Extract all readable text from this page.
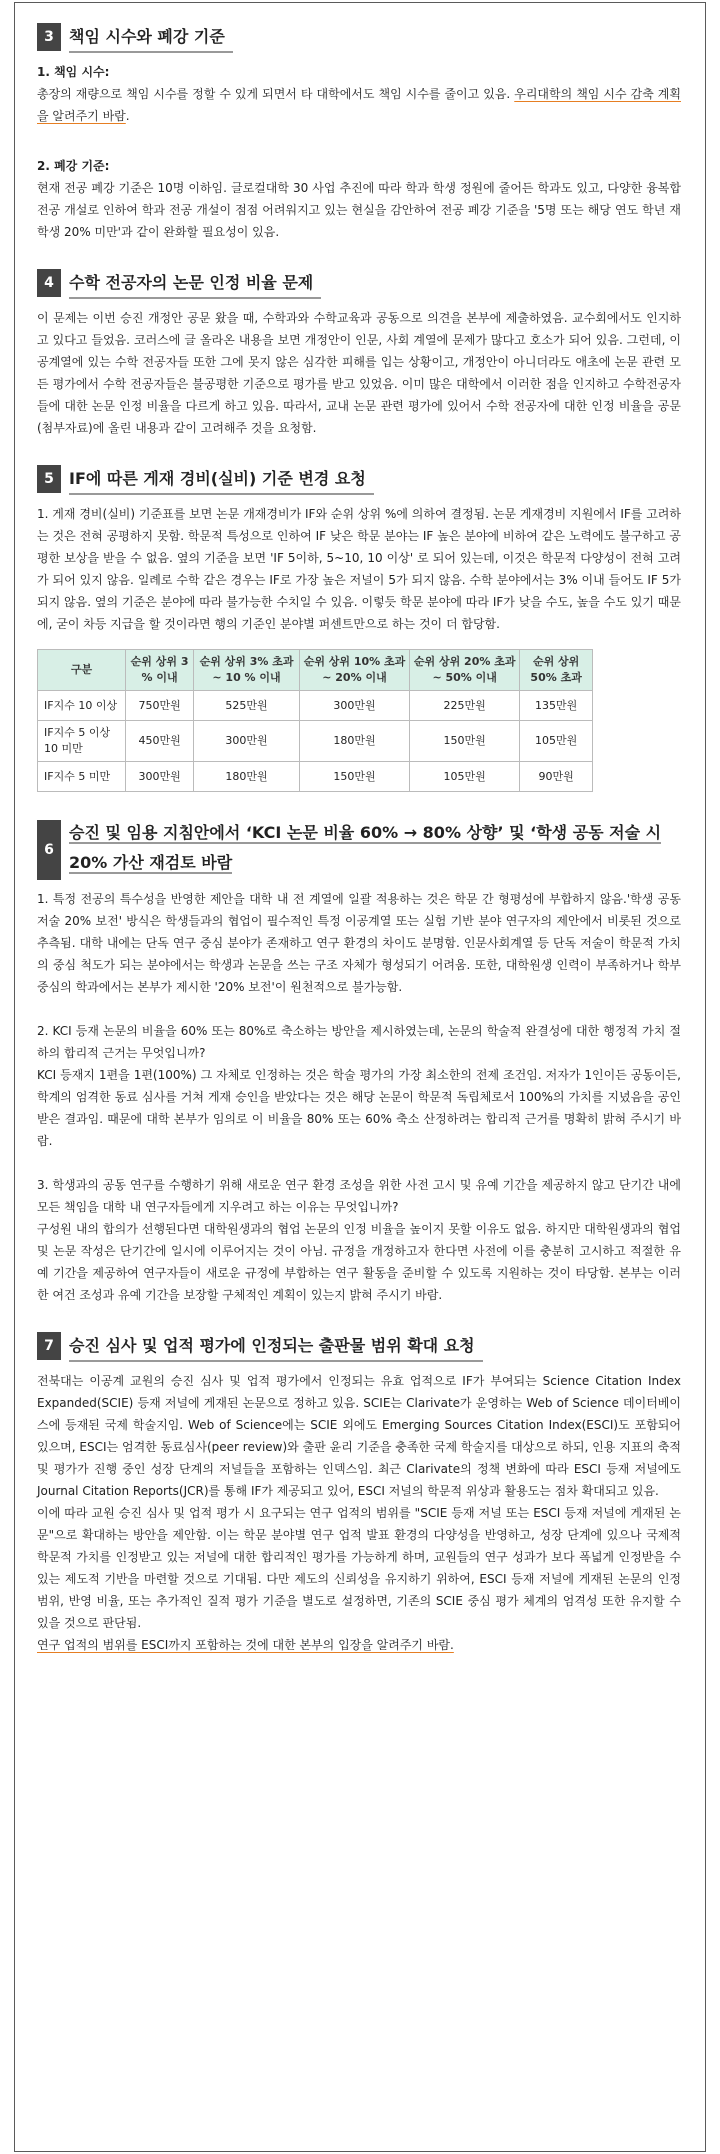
3 책임 시수와 폐강 기준
1. 책임 시수:
총장의 재량으로 책임 시수를 정할 수 있게 되면서 타 대학에서도 책임 시수를 줄이고 있음. 우리대학의 책임 시수 감축 계획을 알려주기 바람.
2. 폐강 기준:
현재 전공 폐강 기준은 10명 이하임. 글로컬대학 30 사업 추진에 따라 학과 학생 정원에 줄어든 학과도 있고, 다양한 융복합 전공 개설로 인하여 학과 전공 개설이 점점 어려워지고 있는 현실을 감안하여 전공 폐강 기준을 '5명 또는 해당 연도 학년 재학생 20% 미만'과 같이 완화할 필요성이 있음.
4 수학 전공자의 논문 인정 비율 문제
이 문제는 이번 승진 개정안 공문 왔을 때, 수학과와 수학교육과 공동으로 의견을 본부에 제출하였음. 교수회에서도 인지하고 있다고 들었음. 코러스에 글 올라온 내용을 보면 개정안이 인문, 사회 계열에 문제가 많다고 호소가 되어 있음. 그런데, 이공계열에 있는 수학 전공자들 또한 그에 못지 않은 심각한 피해를 입는 상황이고, 개정안이 아니더라도 애초에 논문 관련 모든 평가에서 수학 전공자들은 불공평한 기준으로 평가를 받고 있었음. 이미 많은 대학에서 이러한 점을 인지하고 수학전공자들에 대한 논문 인정 비율을 다르게 하고 있음. 따라서, 교내 논문 관련 평가에 있어서 수학 전공자에 대한 인정 비율을 공문(첨부자료)에 올린 내용과 같이 고려해주 것을 요청함.
5 IF에 따른 게재 경비(실비) 기준 변경 요청
1. 게재 경비(실비) 기준표를 보면 논문 개재경비가 IF와 순위 상위 %에 의하여 결정됨. 논문 게재경비 지원에서 IF를 고려하는 것은 전혀 공평하지 못함. 학문적 특성으로 인하여 IF 낮은 학문 분야는 IF 높은 분야에 비하여 같은 노력에도 불구하고 공평한 보상을 받을 수 없음. 옆의 기준을 보면 'IF 5이하, 5~10, 10 이상' 로 되어 있는데, 이것은 학문적 다양성이 전혀 고려가 되어 있지 않음. 일례로 수학 같은 경우는 IF로 가장 높은 저널이 5가 되지 않음. 수학 분야에서는 3% 이내 들어도 IF 5가 되지 않음. 옆의 기준은 분야에 따라 불가능한 수치일 수 있음. 이렇듯 학문 분야에 따라 IF가 낮을 수도, 높을 수도 있기 때문에, 굳이 차등 지급을 할 것이라면 행의 기준인 분야별 퍼센트만으로 하는 것이 더 합당함.
구분	순위 상위 3 % 이내	순위 상위 3% 초과 ~ 10 % 이내	순위 상위 10% 초과 ~ 20% 이내	순위 상위 20% 초과 ~ 50% 이내	순위 상위 50% 초과
IF지수 10 이상	750만원	525만원	300만원	225만원	135만원
IF지수 5 이상 10 미만	450만원	300만원	180만원	150만원	105만원
IF지수 5 미만	300만원	180만원	150만원	105만원	90만원
6
승진 및 임용 지침안에서 ‘KCI 논문 비율 60% → 80% 상향’ 및 ‘학생 공동 저술 시 20% 가산 재검토 바람
1. 특정 전공의 특수성을 반영한 제안을 대학 내 전 계열에 일괄 적용하는 것은 학문 간 형평성에 부합하지 않음.'학생 공동 저술 20% 보전' 방식은 학생들과의 협업이 필수적인 특정 이공계열 또는 실험 기반 분야 연구자의 제안에서 비롯된 것으로 추측됨. 대학 내에는 단독 연구 중심 분야가 존재하고 연구 환경의 차이도 분명함. 인문사회계열 등 단독 저술이 학문적 가치의 중심 척도가 되는 분야에서는 학생과 논문을 쓰는 구조 자체가 형성되기 어려움. 또한, 대학원생 인력이 부족하거나 학부 중심의 학과에서는 본부가 제시한 '20% 보전'이 원천적으로 불가능함.
2. KCI 등재 논문의 비율을 60% 또는 80%로 축소하는 방안을 제시하였는데, 논문의 학술적 완결성에 대한 행정적 가치 절하의 합리적 근거는 무엇입니까?
KCI 등재지 1편을 1편(100%) 그 자체로 인정하는 것은 학술 평가의 가장 최소한의 전제 조건임. 저자가 1인이든 공동이든, 학계의 엄격한 동료 심사를 거쳐 게재 승인을 받았다는 것은 해당 논문이 학문적 독립체로서 100%의 가치를 지녔음을 공인받은 결과임. 때문에 대학 본부가 임의로 이 비율을 80% 또는 60% 축소 산정하려는 합리적 근거를 명확히 밝혀 주시기 바람.
3. 학생과의 공동 연구를 수행하기 위해 새로운 연구 환경 조성을 위한 사전 고시 및 유예 기간을 제공하지 않고 단기간 내에 모든 책임을 대학 내 연구자들에게 지우려고 하는 이유는 무엇입니까?
구성원 내의 합의가 선행된다면 대학원생과의 협업 논문의 인정 비율을 높이지 못할 이유도 없음. 하지만 대학원생과의 협업 및 논문 작성은 단기간에 일시에 이루어지는 것이 아님. 규정을 개정하고자 한다면 사전에 이를 충분히 고시하고 적절한 유예 기간을 제공하여 연구자들이 새로운 규정에 부합하는 연구 활동을 준비할 수 있도록 지원하는 것이 타당함. 본부는 이러한 여건 조성과 유예 기간을 보장할 구체적인 계획이 있는지 밝혀 주시기 바람.
7 승진 심사 및 업적 평가에 인정되는 출판물 범위 확대 요청
전북대는 이공계 교원의 승진 심사 및 업적 평가에서 인정되는 유효 업적으로 IF가 부여되는 Science Citation Index Expanded(SCIE) 등재 저널에 게재된 논문으로 정하고 있음. SCIE는 Clarivate가 운영하는 Web of Science 데이터베이스에 등재된 국제 학술지임. Web of Science에는 SCIE 외에도 Emerging Sources Citation Index(ESCI)도 포함되어 있으며, ESCI는 엄격한 동료심사(peer review)와 출판 윤리 기준을 충족한 국제 학술지를 대상으로 하되, 인용 지표의 축적 및 평가가 진행 중인 성장 단계의 저널들을 포함하는 인덱스임. 최근 Clarivate의 정책 변화에 따라 ESCI 등재 저널에도 Journal Citation Reports(JCR)를 통해 IF가 제공되고 있어, ESCI 저널의 학문적 위상과 활용도는 점차 확대되고 있음.
이에 따라 교원 승진 심사 및 업적 평가 시 요구되는 연구 업적의 범위를 "SCIE 등재 저널 또는 ESCI 등재 저널에 게재된 논문"으로 확대하는 방안을 제안함. 이는 학문 분야별 연구 업적 발표 환경의 다양성을 반영하고, 성장 단계에 있으나 국제적 학문적 가치를 인정받고 있는 저널에 대한 합리적인 평가를 가능하게 하며, 교원들의 연구 성과가 보다 폭넓게 인정받을 수 있는 제도적 기반을 마련할 것으로 기대됨. 다만 제도의 신뢰성을 유지하기 위하여, ESCI 등재 저널에 게재된 논문의 인정 범위, 반영 비율, 또는 추가적인 질적 평가 기준을 별도로 설정하면, 기존의 SCIE 중심 평가 체계의 엄격성 또한 유지할 수 있을 것으로 판단됨.
연구 업적의 범위를 ESCI까지 포함하는 것에 대한 본부의 입장을 알려주기 바람.
